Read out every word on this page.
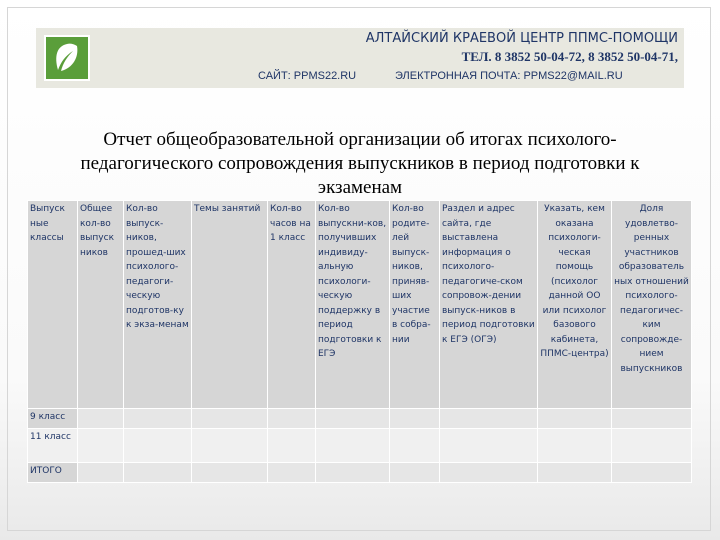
АЛТАЙСКИЙ КРАЕВОЙ ЦЕНТР ППМС-ПОМОЩИ
ТЕЛ. 8 3852 50-04-72, 8 3852 50-04-71,
САЙТ: PPMS22.RU	ЭЛЕКТРОННАЯ ПОЧТА: PPMS22@MAIL.RU
Отчет общеобразовательной организации об итогах психолого-педагогического сопровождения выпускников в период подготовки к экзаменам
Выпуск ные классы	Общее кол-во выпуск ников	Кол-во выпуск-ников, прошед-ших психолого-педагоги-ческую подготов-ку к экза-менам	Темы занятий	Кол-во часов на 1 класс	Кол-во выпускни-ков, получивших индивиду-альную психологи-ческую поддержку в период подготовки к ЕГЭ	Кол-во родите-лей выпуск-ников, приняв-ших участие в собра-нии	Раздел и адрес сайта, где выставлена информация о психолого-педагогиче-ском сопровож-дении выпуск-ников в период подготовки к ЕГЭ (ОГЭ)	Указать, кем оказана психологи-ческая помощь (психолог данной ОО или психолог базового кабинета, ППМС-центра)	Доля удовлетво-ренных участников образователь ных отношений психолого-педагогичес-ким сопровожде-нием выпускников
9 класс									
11 класс									
ИТОГО									
